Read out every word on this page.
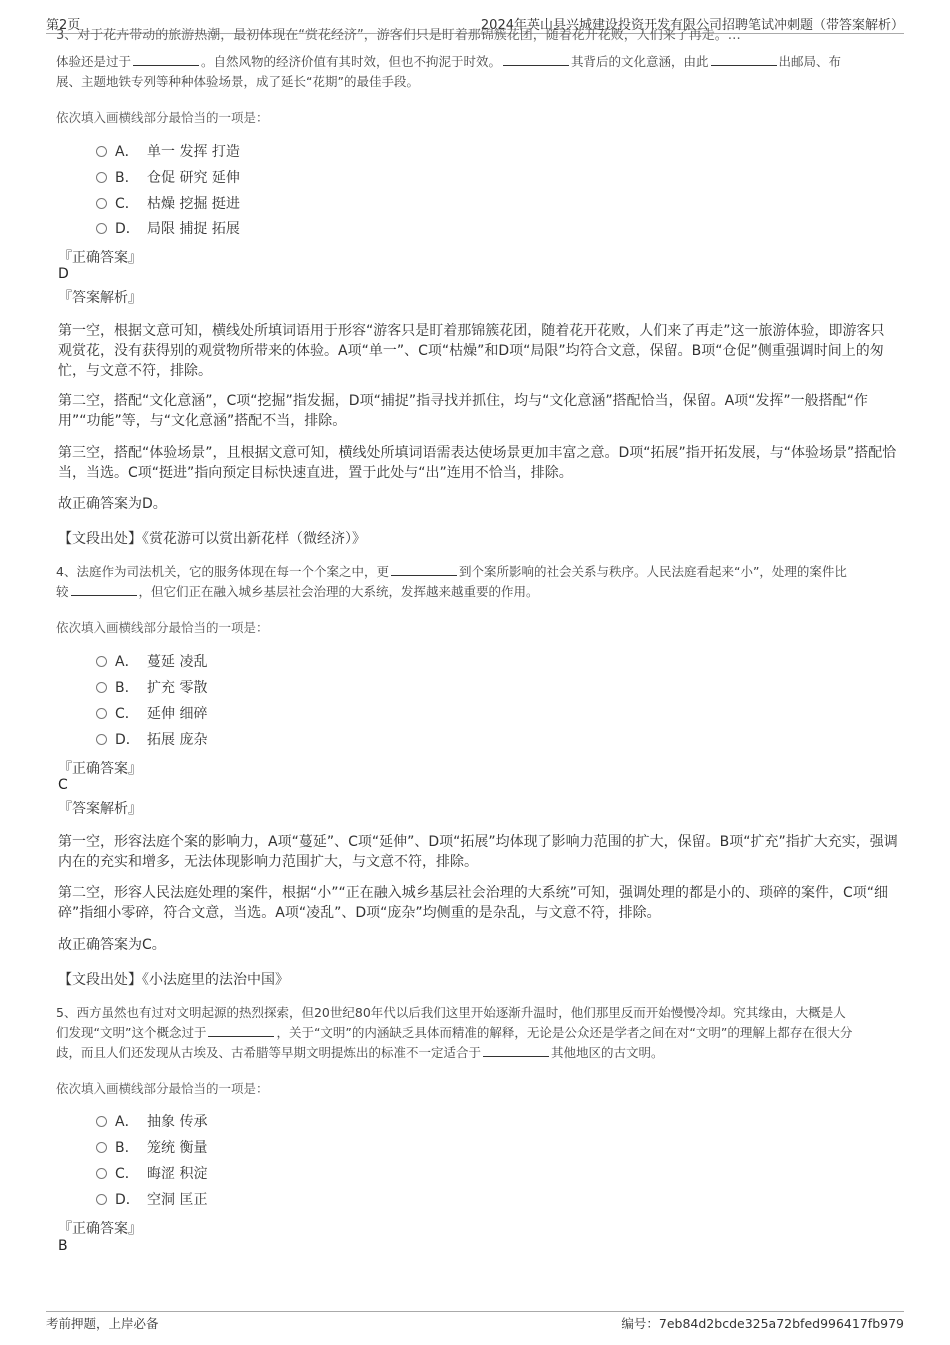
第2页	2024年英山县兴城建设投资开发有限公司招聘笔试冲刺题（带答案解析）
3、对于花卉带动的旅游热潮，最初体现在“赏花经济”，游客们只是盯着那锦簇花团，随着花开花败，人们来了再走。…
体验还是过于	。自然风物的经济价值有其时效，但也不拘泥于时效。	其背后的文化意涵，由此	出邮局、布
展、主题地铁专列等种种体验场景，成了延长“花期”的最佳手段。
依次填入画横线部分最恰当的一项是：
A． 单一 发挥 打造
B. 仓促 研究 延伸
C． 枯燥 挖掘 挺进
D． 局限 捕捉 拓展
『正确答案』
D
『答案解析』
第一空，根据文意可知，横线处所填词语用于形容“游客只是盯着那锦簇花团，随着花开花败，人们来了再走”这一旅游体验，即游客只观赏花，没有获得别的观赏物所带来的体验。A项“单一”、C项“枯燥”和D项“局限”均符合文意，保留。B项“仓促”侧重强调时间上的匆忙，与文意不符，排除。
第二空，搭配“文化意涵”，C项“挖掘”指发掘，D项“捕捉”指寻找并抓住，均与“文化意涵”搭配恰当，保留。A项“发挥”一般搭配“作用”“功能”等，与“文化意涵”搭配不当，排除。
第三空，搭配“体验场景”，且根据文意可知，横线处所填词语需表达使场景更加丰富之意。D项“拓展”指开拓发展，与“体验场景”搭配恰当，当选。C项“挺进”指向预定目标快速直进，置于此处与“出”连用不恰当，排除。
故正确答案为D。
【文段出处】《赏花游可以赏出新花样（微经济）》
4、法庭作为司法机关，它的服务体现在每一个个案之中，更	到个案所影响的社会关系与秩序。人民法庭看起来“小”，处理的案件比
较	，但它们正在融入城乡基层社会治理的大系统，发挥越来越重要的作用。
依次填入画横线部分最恰当的一项是：
A． 蔓延 凌乱
B. 扩充 零散
C． 延伸 细碎
D． 拓展 庞杂
『正确答案』
C
『答案解析』
第一空，形容法庭个案的影响力，A项“蔓延”、C项“延伸”、D项“拓展”均体现了影响力范围的扩大，保留。B项“扩充”指扩大充实，强调内在的充实和增多，无法体现影响力范围扩大，与文意不符，排除。
第二空，形容人民法庭处理的案件，根据“小”“正在融入城乡基层社会治理的大系统”可知，强调处理的都是小的、琐碎的案件，C项“细碎”指细小零碎，符合文意，当选。A项“凌乱”、D项“庞杂”均侧重的是杂乱，与文意不符，排除。
故正确答案为C。
【文段出处】《小法庭里的法治中国》
5、西方虽然也有过对文明起源的热烈探索，但20世纪80年代以后我们这里开始逐渐升温时，他们那里反而开始慢慢冷却。究其缘由，大概是人
们发现“文明”这个概念过于	，关于“文明”的内涵缺乏具体而精准的解释，无论是公众还是学者之间在对“文明”的理解上都存在很大分
歧，而且人们还发现从古埃及、古希腊等早期文明提炼出的标准不一定适合于	其他地区的古文明。
依次填入画横线部分最恰当的一项是：
A． 抽象 传承
B. 笼统 衡量
C． 晦涩 积淀
D． 空洞 匡正
『正确答案』
B
考前押题，上岸必备	编号：7eb84d2bcde325a72bfed996417fb979
